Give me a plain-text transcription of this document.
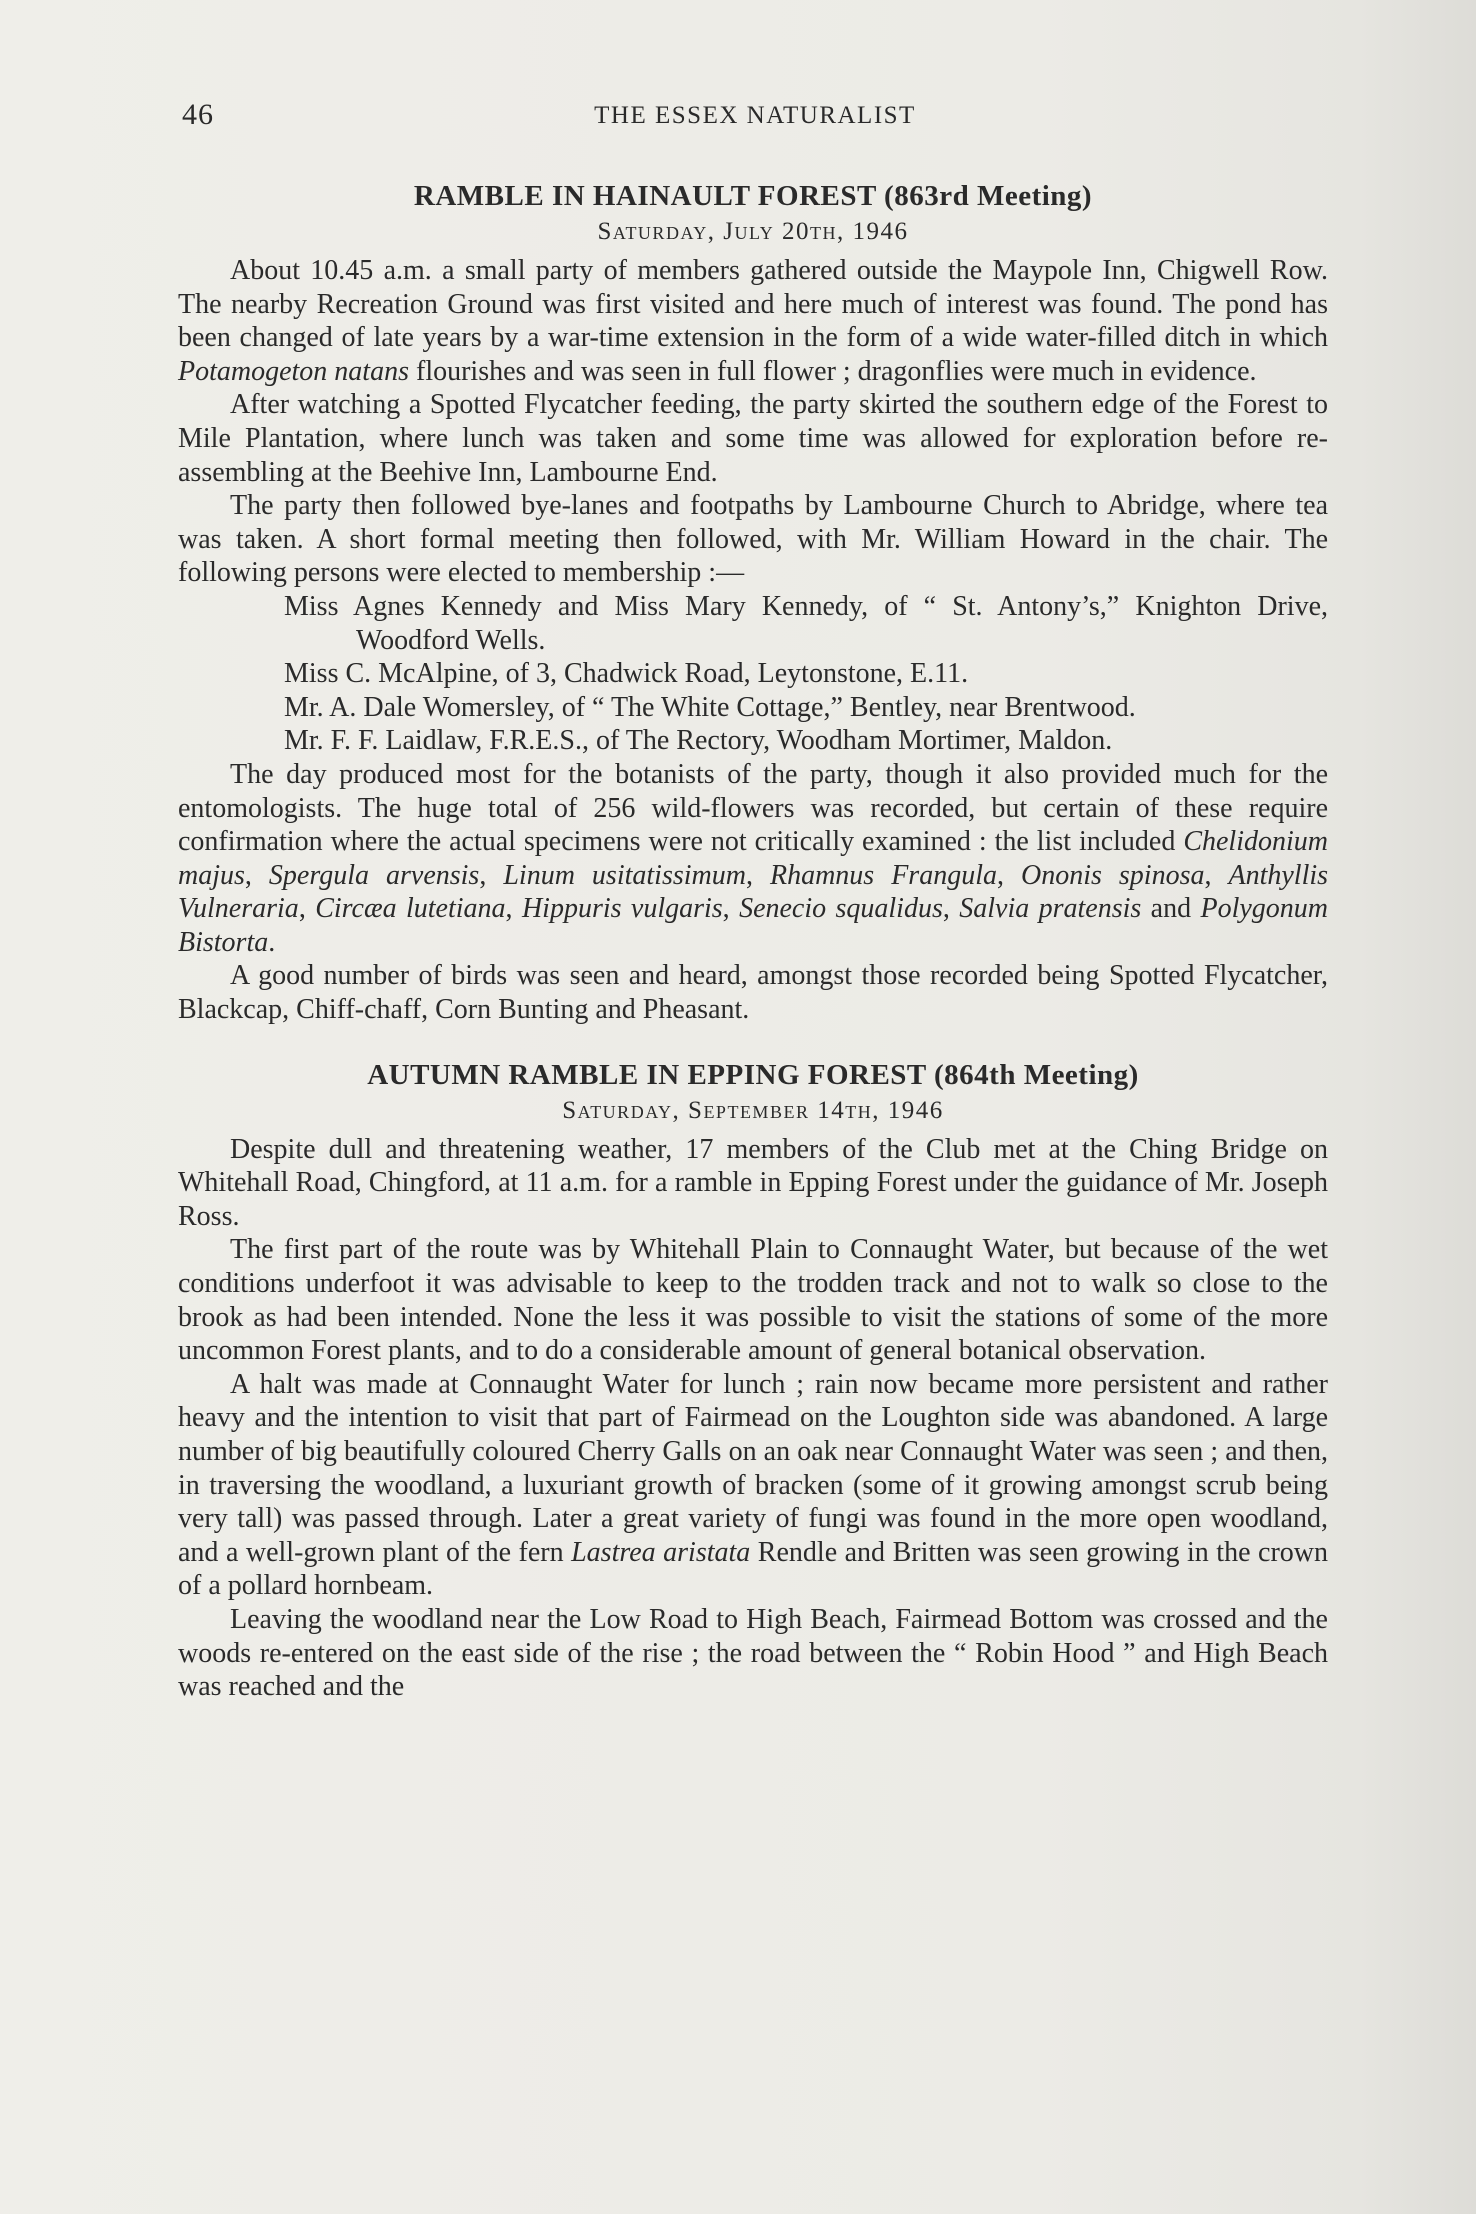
46	THE ESSEX NATURALIST
RAMBLE IN HAINAULT FOREST (863rd Meeting)
Saturday, July 20th, 1946

About 10.45 a.m. a small party of members gathered outside the Maypole Inn, Chigwell Row. The nearby Recreation Ground was first visited and here much of interest was found. The pond has been changed of late years by a war-time extension in the form of a wide water-filled ditch in which Potamogeton natans flourishes and was seen in full flower ; dragonflies were much in evidence.

After watching a Spotted Flycatcher feeding, the party skirted the southern edge of the Forest to Mile Plantation, where lunch was taken and some time was allowed for exploration before re-assembling at the Beehive Inn, Lambourne End.

The party then followed bye-lanes and footpaths by Lambourne Church to Abridge, where tea was taken. A short formal meeting then followed, with Mr. William Howard in the chair. The following persons were elected to membership :—

Miss Agnes Kennedy and Miss Mary Kennedy, of “ St. Antony’s,” Knighton Drive, Woodford Wells.

Miss C. McAlpine, of 3, Chadwick Road, Leytonstone, E.11.

Mr. A. Dale Womersley, of “ The White Cottage,” Bentley, near Brentwood.

Mr. F. F. Laidlaw, F.R.E.S., of The Rectory, Woodham Mortimer, Maldon.

The day produced most for the botanists of the party, though it also provided much for the entomologists. The huge total of 256 wild-flowers was recorded, but certain of these require confirmation where the actual specimens were not critically examined : the list included Chelidonium majus, Spergula arvensis, Linum usitatissimum, Rhamnus Frangula, Ononis spinosa, Anthyllis Vulneraria, Circæa lutetiana, Hippuris vulgaris, Senecio squalidus, Salvia pratensis and Polygonum Bistorta.

A good number of birds was seen and heard, amongst those recorded being Spotted Flycatcher, Blackcap, Chiff-chaff, Corn Bunting and Pheasant.

AUTUMN RAMBLE IN EPPING FOREST (864th Meeting)
Saturday, September 14th, 1946

Despite dull and threatening weather, 17 members of the Club met at the Ching Bridge on Whitehall Road, Chingford, at 11 a.m. for a ramble in Epping Forest under the guidance of Mr. Joseph Ross.

The first part of the route was by Whitehall Plain to Connaught Water, but because of the wet conditions underfoot it was advisable to keep to the trodden track and not to walk so close to the brook as had been intended. None the less it was possible to visit the stations of some of the more uncommon Forest plants, and to do a considerable amount of general botanical observation.

A halt was made at Connaught Water for lunch ; rain now became more persistent and rather heavy and the intention to visit that part of Fairmead on the Loughton side was abandoned. A large number of big beautifully coloured Cherry Galls on an oak near Connaught Water was seen ; and then, in traversing the woodland, a luxuriant growth of bracken (some of it growing amongst scrub being very tall) was passed through. Later a great variety of fungi was found in the more open woodland, and a well-grown plant of the fern Lastrea aristata Rendle and Britten was seen growing in the crown of a pollard hornbeam.

Leaving the woodland near the Low Road to High Beach, Fairmead Bottom was crossed and the woods re-entered on the east side of the rise ; the road between the “ Robin Hood ” and High Beach was reached and the
